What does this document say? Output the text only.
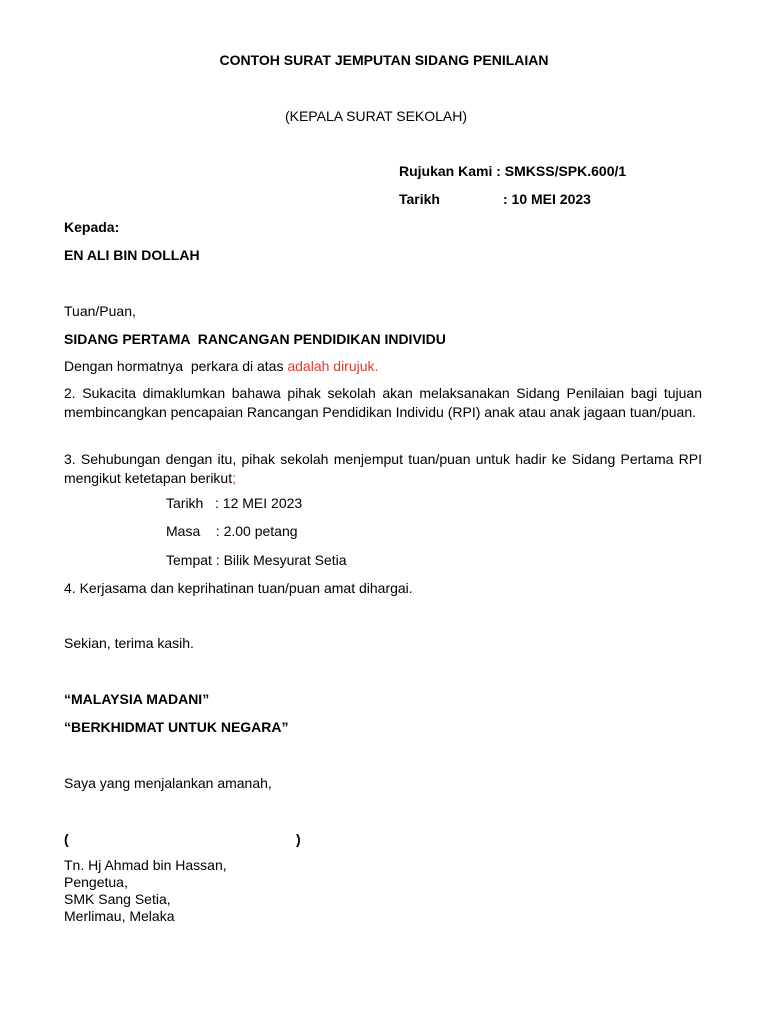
CONTOH SURAT JEMPUTAN SIDANG PENILAIAN
(KEPALA SURAT SEKOLAH)
Rujukan Kami : SMKSS/SPK.600/1
Tarikh	: 10 MEI 2023
Kepada:
EN ALI BIN DOLLAH
Tuan/Puan,
SIDANG PERTAMA  RANCANGAN PENDIDIKAN INDIVIDU
Dengan hormatnya  perkara di atas adalah dirujuk.
2. Sukacita dimaklumkan bahawa pihak sekolah akan melaksanakan Sidang Penilaian bagi tujuan membincangkan pencapaian Rancangan Pendidikan Individu (RPI) anak atau anak jagaan tuan/puan.
3. Sehubungan dengan itu, pihak sekolah menjemput tuan/puan untuk hadir ke Sidang Pertama RPI mengikut ketetapan berikut;
Tarikh   : 12 MEI 2023
Masa    : 2.00 petang
Tempat : Bilik Mesyurat Setia
4. Kerjasama dan keprihatinan tuan/puan amat dihargai.
Sekian, terima kasih.
“MALAYSIA MADANI”
“BERKHIDMAT UNTUK NEGARA”
Saya yang menjalankan amanah,
(	)
Tn. Hj Ahmad bin Hassan,
Pengetua,
SMK Sang Setia,
Merlimau, Melaka
